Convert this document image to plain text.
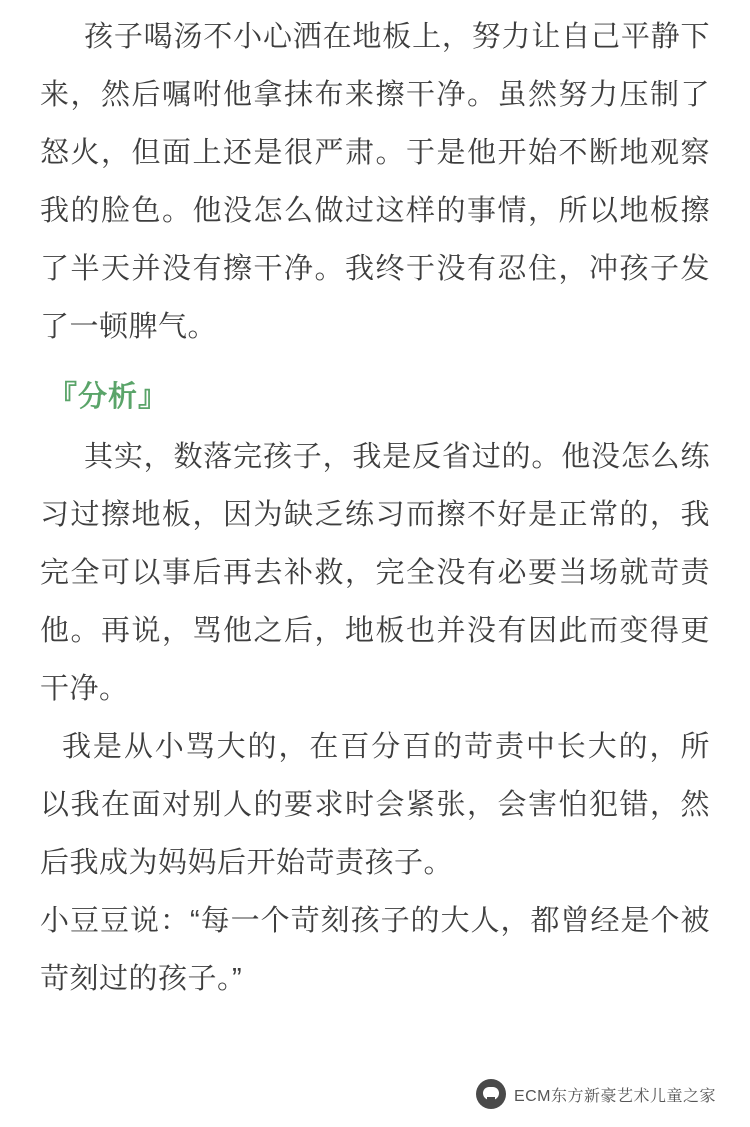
孩子喝汤不小心洒在地板上，努力让自己平静下来，然后嘱咐他拿抹布来擦干净。虽然努力压制了怒火，但面上还是很严肃。于是他开始不断地观察我的脸色。他没怎么做过这样的事情，所以地板擦了半天并没有擦干净。我终于没有忍住，冲孩子发了一顿脾气。

『分析』

其实，数落完孩子，我是反省过的。他没怎么练习过擦地板，因为缺乏练习而擦不好是正常的，我完全可以事后再去补救，完全没有必要当场就苛责他。再说，骂他之后，地板也并没有因此而变得更干净。

我是从小骂大的，在百分百的苛责中长大的，所以我在面对别人的要求时会紧张，会害怕犯错，然后我成为妈妈后开始苛责孩子。

小豆豆说：“每一个苛刻孩子的大人，都曾经是个被苛刻过的孩子。”

ECM东方新豪艺术儿童之家
